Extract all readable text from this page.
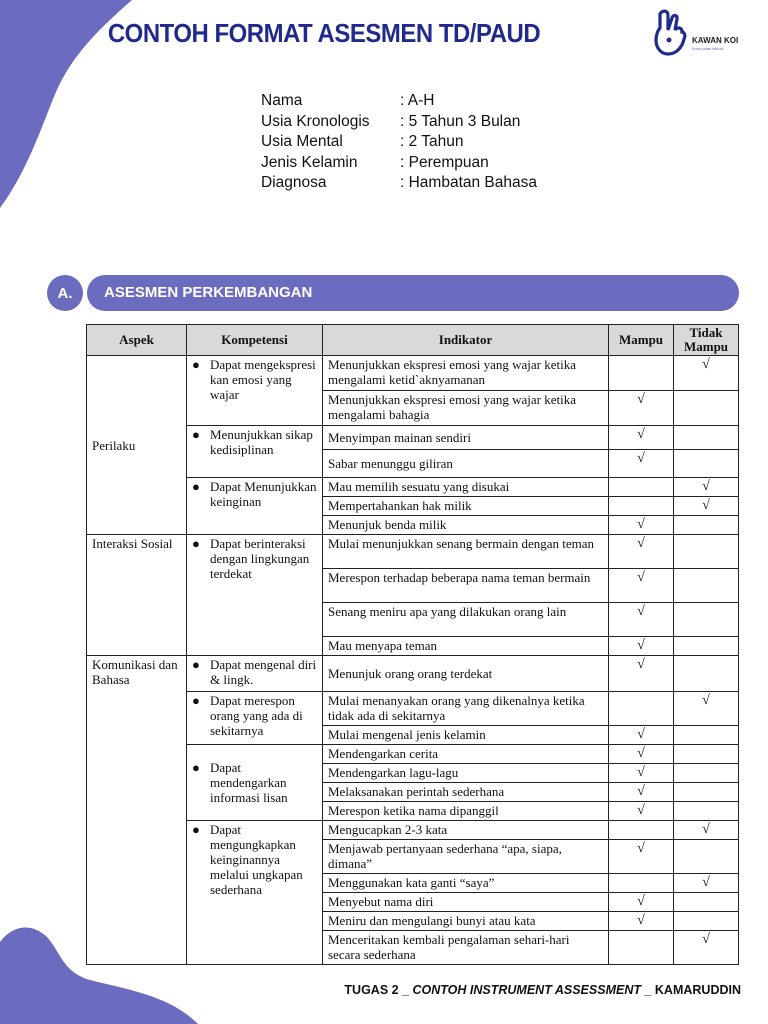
CONTOH FORMAT ASESMEN TD/PAUD	KAWAN KOI
Komunitas Inklusi
Nama	: A-H
Usia Kronologis	: 5 Tahun 3 Bulan
Usia Mental	: 2 Tahun
Jenis Kelamin	: Perempuan
Diagnosa	: Hambatan Bahasa
A.	ASESMEN PERKEMBANGAN
Aspek	Kompetensi	Indikator	Mampu	Tidak Mampu
Perilaku	● Dapat mengekspresi kan emosi yang wajar	Menunjukkan ekspresi emosi yang wajar ketika mengalami ketid`aknyamanan		√
		Menunjukkan ekspresi emosi yang wajar ketika mengalami bahagia	√	

	● Menunjukkan sikap kedisiplinan	Menyimpan mainan sendiri	√	
		Sabar menunggu giliran	√	

	● Dapat Menunjukkan keinginan	Mau memilih sesuatu yang disukai		√
		Mempertahankan hak milik		√
		Menunjuk benda milik	√	
Interaksi Sosial	● Dapat berinteraksi dengan lingkungan terdekat	Mulai menunjukkan senang bermain dengan teman	√	
		Merespon terhadap beberapa nama teman bermain	√	
		Senang meniru apa yang dilakukan orang lain	√	
		Mau menyapa teman	√	
Komunikasi dan Bahasa	● Dapat mengenal diri & lingk.	Menunjuk orang orang terdekat	√	

	● Dapat merespon orang yang ada di sekitarnya	Mulai menanyakan orang yang dikenalnya ketika tidak ada di sekitarnya		√
		Mulai mengenal jenis kelamin	√	

	● Dapat mendengarkan informasi lisan	Mendengarkan cerita	√	
		Mendengarkan lagu-lagu	√	
		Melaksanakan perintah sederhana	√	
		Merespon ketika nama dipanggil	√	

	● Dapat mengungkapkan keinginannya melalui ungkapan sederhana	Mengucapkan 2-3 kata		√
		Menjawab pertanyaan sederhana “apa, siapa, dimana”	√	
		Menggunakan kata ganti “saya”		√
		Menyebut nama diri	√	
		Meniru dan mengulangi bunyi atau kata	√	
		Menceritakan kembali pengalaman sehari-hari secara sederhana		√
TUGAS 2 _ CONTOH INSTRUMENT ASSESSMENT _ KAMARUDDIN
